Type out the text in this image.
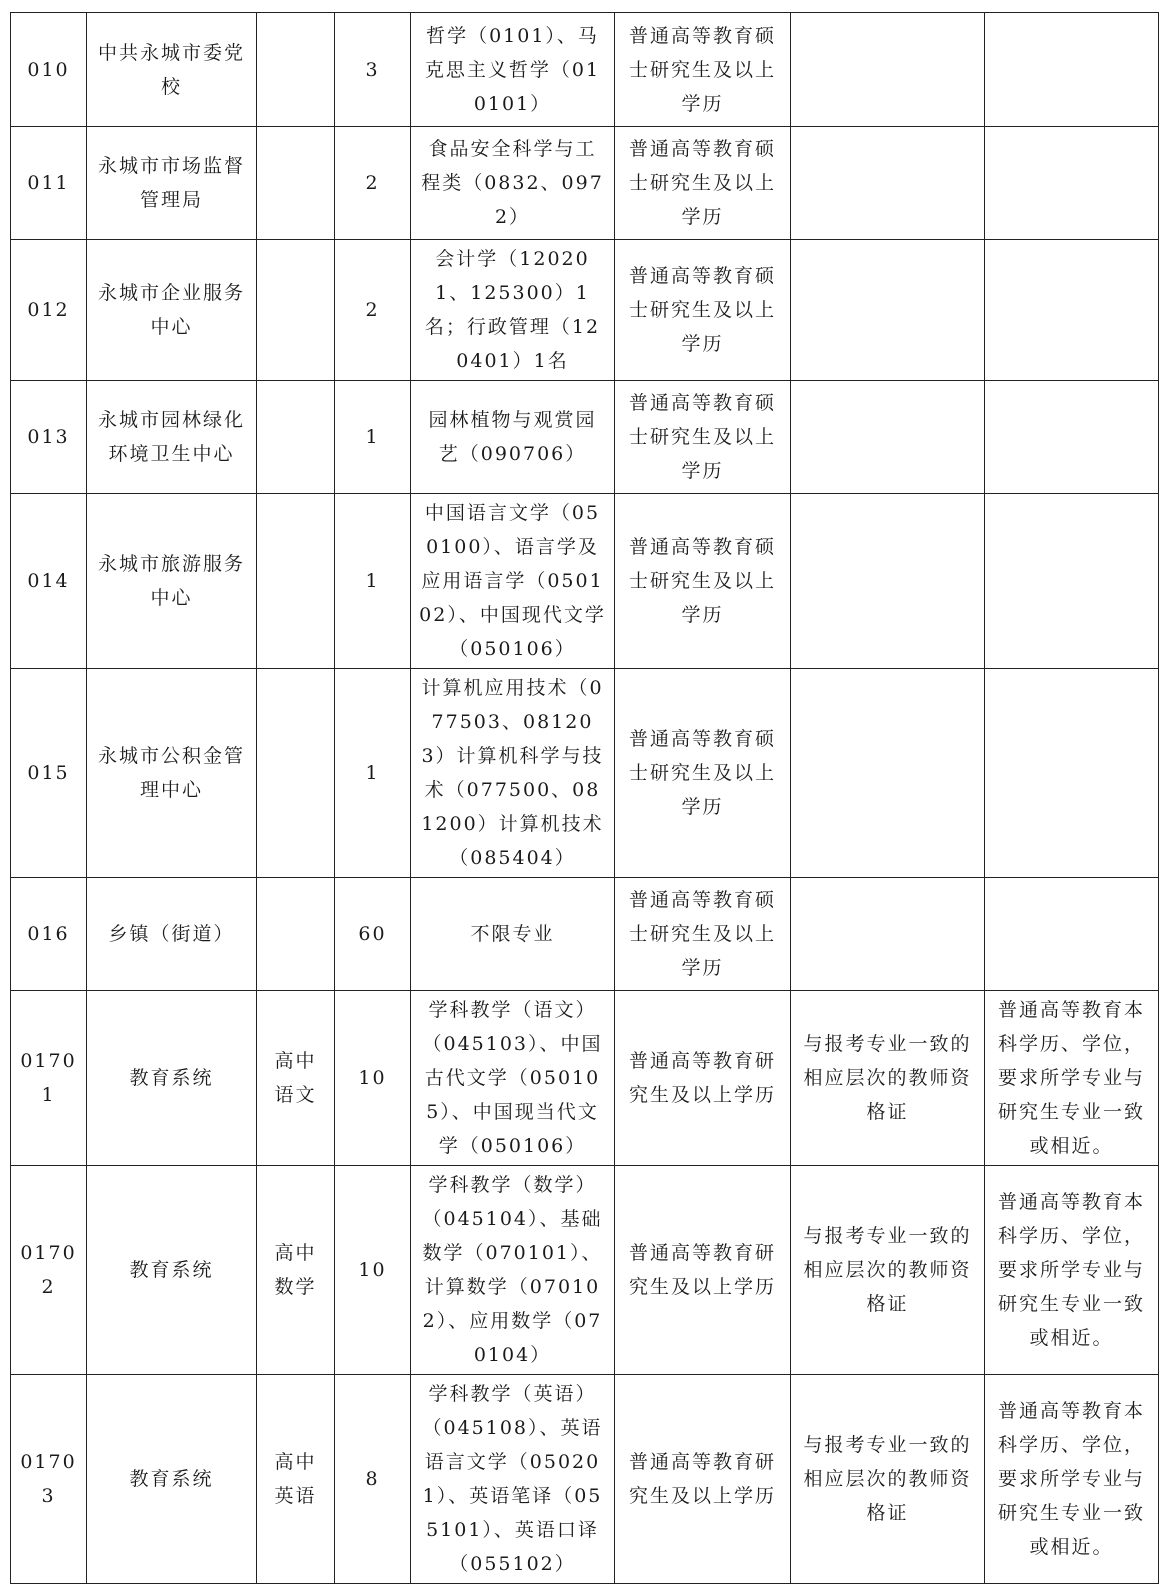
010	中共永城市委党校		3	哲学（0101）、马克思主义哲学（010101）	普通高等教育硕士研究生及以上学历		
011	永城市市场监督管理局		2	食品安全科学与工程类（0832、0972）	普通高等教育硕士研究生及以上学历		
012	永城市企业服务中心		2	会计学（120201、125300）1名；行政管理（120401）1名	普通高等教育硕士研究生及以上学历		
013	永城市园林绿化环境卫生中心		1	园林植物与观赏园艺（090706）	普通高等教育硕士研究生及以上学历		
014	永城市旅游服务中心		1	中国语言文学（050100）、语言学及应用语言学（050102）、中国现代文学（050106）	普通高等教育硕士研究生及以上学历		
015	永城市公积金管理中心		1	计算机应用技术（077503、081203）计算机科学与技术（077500、081200）计算机技术（085404）	普通高等教育硕士研究生及以上学历		
016	乡镇（街道）		60	不限专业	普通高等教育硕士研究生及以上学历		
01701	教育系统	高中语文	10	学科教学（语文）（045103）、中国古代文学（050105）、中国现当代文学（050106）	普通高等教育研究生及以上学历	与报考专业一致的相应层次的教师资格证	普通高等教育本科学历、学位，要求所学专业与研究生专业一致或相近。
01702	教育系统	高中数学	10	学科教学（数学）（045104）、基础数学（070101）、计算数学（070102）、应用数学（070104）	普通高等教育研究生及以上学历	与报考专业一致的相应层次的教师资格证	普通高等教育本科学历、学位，要求所学专业与研究生专业一致或相近。
01703	教育系统	高中英语	8	学科教学（英语）（045108）、英语语言文学（050201）、英语笔译（055101）、英语口译（055102）	普通高等教育研究生及以上学历	与报考专业一致的相应层次的教师资格证	普通高等教育本科学历、学位，要求所学专业与研究生专业一致或相近。
